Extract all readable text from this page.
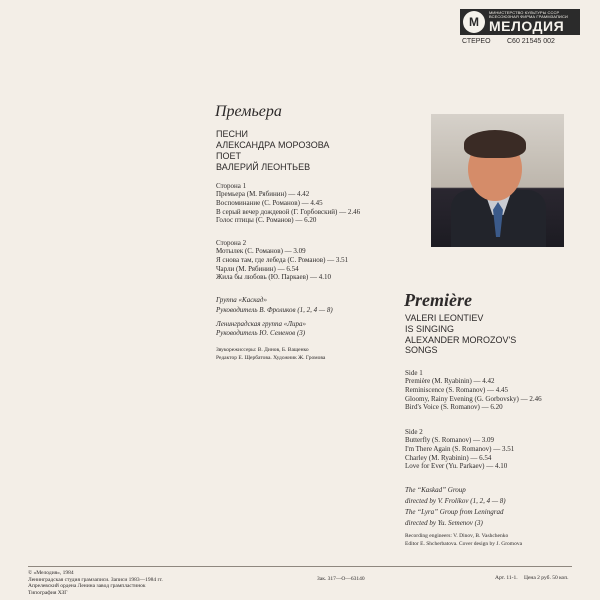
M
МИНИСТЕРСТВО КУЛЬТУРЫ СССР
ВСЕСОЮЗНАЯ ФИРМА ГРАММЗАПИСИ
МЕЛОДИЯ
СТЕРЕО С60 21545 002
Премьера
ПЕСНИ
АЛЕКСАНДРА МОРОЗОВА
ПОЕТ
ВАЛЕРИЙ ЛЕОНТЬЕВ
Сторона 1
Премьера (М. Рябинин) — 4.42
Воспоминание (С. Романов) — 4.45
В серый вечер дождевой (Г. Горбовский) — 2.46
Голос птицы (С. Романов) — 6.20
Сторона 2
Мотылек (С. Романов) — 3.09
Я снова там, где лебеда (С. Романов) — 3.51
Чарли (М. Рябинин) — 6.54
Жила бы любовь (Ю. Паркаев) — 4.10
Группа «Каскад»
Руководитель В. Фроликов (1, 2, 4 — 8)
Ленинградская группа «Лира»
Руководитель Ю. Семенов (3)
Звукорежиссеры: В. Динов, Б. Ващенко
Редактор Е. Щербатова. Художник Ж. Громова
Première
VALERI LEONTIEV
IS SINGING
ALEXANDER MOROZOV'S
SONGS
Side 1
Première (M. Ryabinin) — 4.42
Reminiscence (S. Romanov) — 4.45
Gloomy, Rainy Evening (G. Gorbovsky) — 2.46
Bird's Voice (S. Romanov) — 6.20
Side 2
Butterfly (S. Romanov) — 3.09
I'm There Again (S. Romanov) — 3.51
Charley (M. Ryabinin) — 6.54
Love for Ever (Yu. Parkaev) — 4.10
The “Kaskad” Group
directed by V. Frolikov (1, 2, 4 — 8)
The “Lyra” Group from Leningrad
directed by Yu. Semenov (3)
Recording engineers: V. Dinov, B. Vashchenko
Editor E. Shcherbatova. Cover design by J. Gromova
© «Мелодия», 1984
Ленинградская студия грамзаписи. Записи 1983—1984 гг.
Апрелевский ордена Ленина завод грампластинок
Типография ХЗГ
Зак. 317—О—63140	Арт. 11-1. Цена 2 руб. 50 коп.
